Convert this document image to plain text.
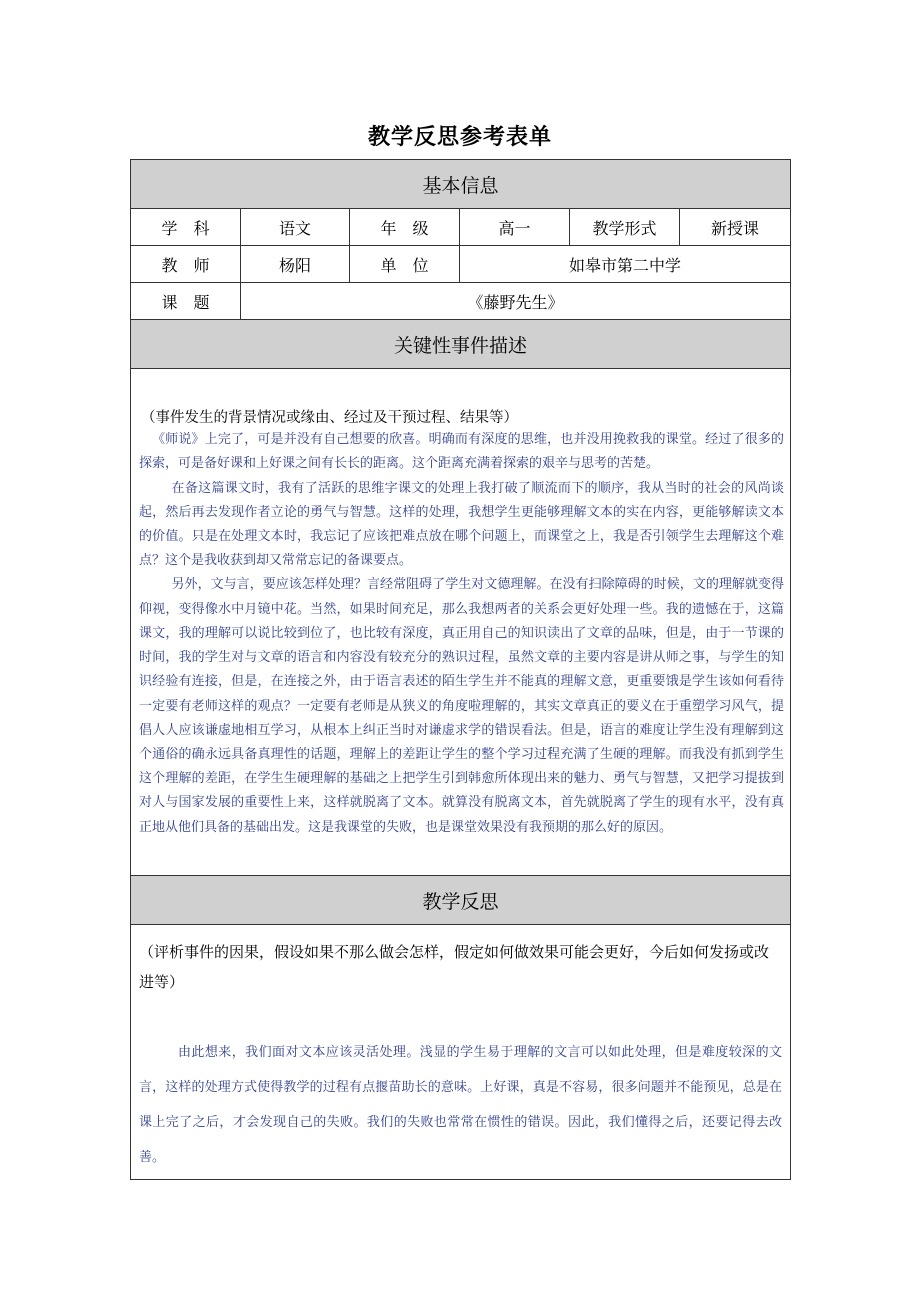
教学反思参考表单
基本信息					
学　科	语文	年　级	高一	教学形式	新授课
教　师	杨阳	单　位	如皋市第二中学		
课　题	《藤野先生》				
关键性事件描述					

（事件发生的背景情况或缘由、经过及干预过程、结果等）

《师说》上完了，可是并没有自己想要的欣喜。明确而有深度的思维，也并没用挽救我的课堂。经过了很多的探索，可是备好课和上好课之间有长长的距离。这个距离充满着探索的艰辛与思考的苦楚。

在备这篇课文时，我有了活跃的思维字课文的处理上我打破了顺流而下的顺序，我从当时的社会的风尚谈起，然后再去发现作者立论的勇气与智慧。这样的处理，我想学生更能够理解文本的实在内容，更能够解读文本的价值。只是在处理文本时，我忘记了应该把难点放在哪个问题上，而课堂之上，我是否引领学生去理解这个难点？这个是我收获到却又常常忘记的备课要点。

另外，文与言，要应该怎样处理？言经常阻碍了学生对文德理解。在没有扫除障碍的时候，文的理解就变得仰视，变得像水中月镜中花。当然，如果时间充足，那么我想两者的关系会更好处理一些。我的遗憾在于，这篇课文，我的理解可以说比较到位了，也比较有深度，真正用自己的知识读出了文章的品味，但是，由于一节课的时间，我的学生对与文章的语言和内容没有较充分的熟识过程，虽然文章的主要内容是讲从师之事，与学生的知识经验有连接，但是，在连接之外，由于语言表述的陌生学生并不能真的理解文意，更重要饿是学生该如何看待一定要有老师这样的观点？一定要有老师是从狭义的角度啦理解的，其实文章真正的要义在于重塑学习风气，提倡人人应该谦虚地相互学习，从根本上纠正当时对谦虚求学的错误看法。但是，语言的难度让学生没有理解到这个通俗的确永远具备真理性的话题，理解上的差距让学生的整个学习过程充满了生硬的理解。而我没有抓到学生这个理解的差距，在学生生硬理解的基础之上把学生引到韩愈所体现出来的魅力、勇气与智慧，又把学习提拔到对人与国家发展的重要性上来，这样就脱离了文本。就算没有脱离文本，首先就脱离了学生的现有水平，没有真正地从他们具备的基础出发。这是我课堂的失败，也是课堂效果没有我预期的那么好的原因。					

教学反思					

（评析事件的因果，假设如果不那么做会怎样，假定如何做效果可能会更好，今后如何发扬或改进等）

由此想来，我们面对文本应该灵活处理。浅显的学生易于理解的文言可以如此处理，但是难度较深的文言，这样的处理方式使得教学的过程有点揠苗助长的意味。上好课，真是不容易，很多问题并不能预见，总是在课上完了之后，才会发现自己的失败。我们的失败也常常在惯性的错误。因此，我们懂得之后，还要记得去改善。					
